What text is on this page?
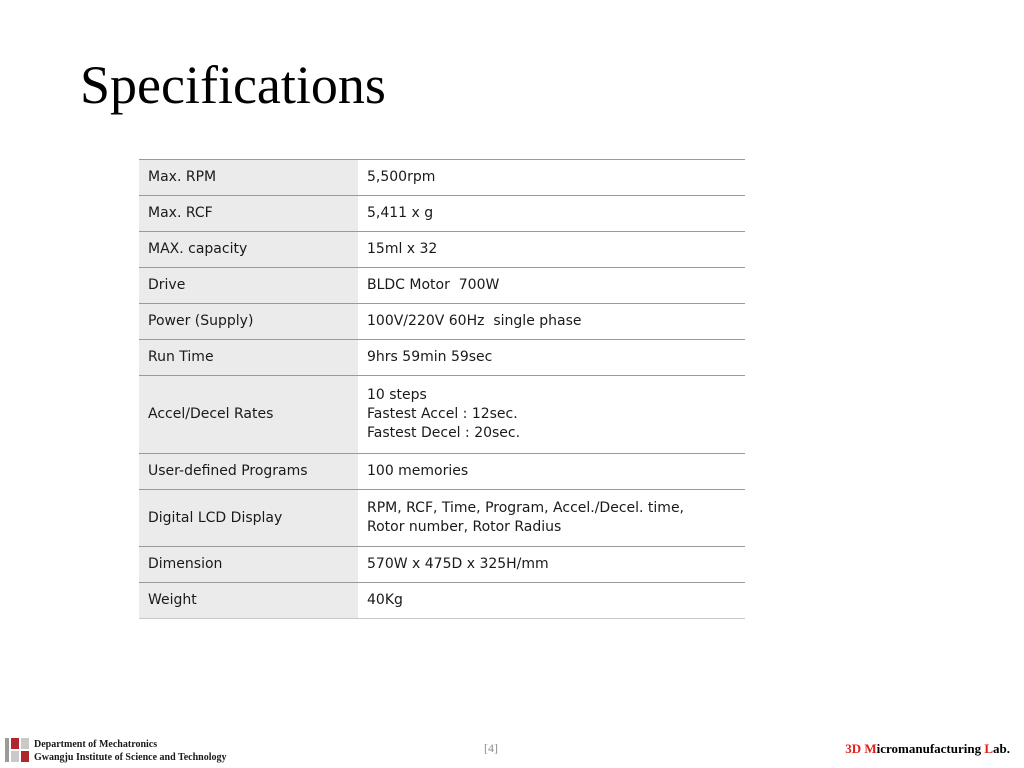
Specifications
Max. RPM	5,500rpm

Max. RCF	5,411 x g

MAX. capacity	15ml x 32

Drive	BLDC Motor  700W

Power (Supply)	100V/220V 60Hz  single phase

Run Time	9hrs 59min 59sec

Accel/Decel Rates	10 steps
Fastest Accel : 12sec.
Fastest Decel : 20sec.

User-defined Programs	100 memories

Digital LCD Display	RPM, RCF, Time, Program, Accel./Decel. time,
Rotor number, Rotor Radius

Dimension	570W x 475D x 325H/mm

Weight	40Kg
Department of Mechatronics
Gwangju Institute of Science and Technology
[4]	3D Micromanufacturing Lab.
